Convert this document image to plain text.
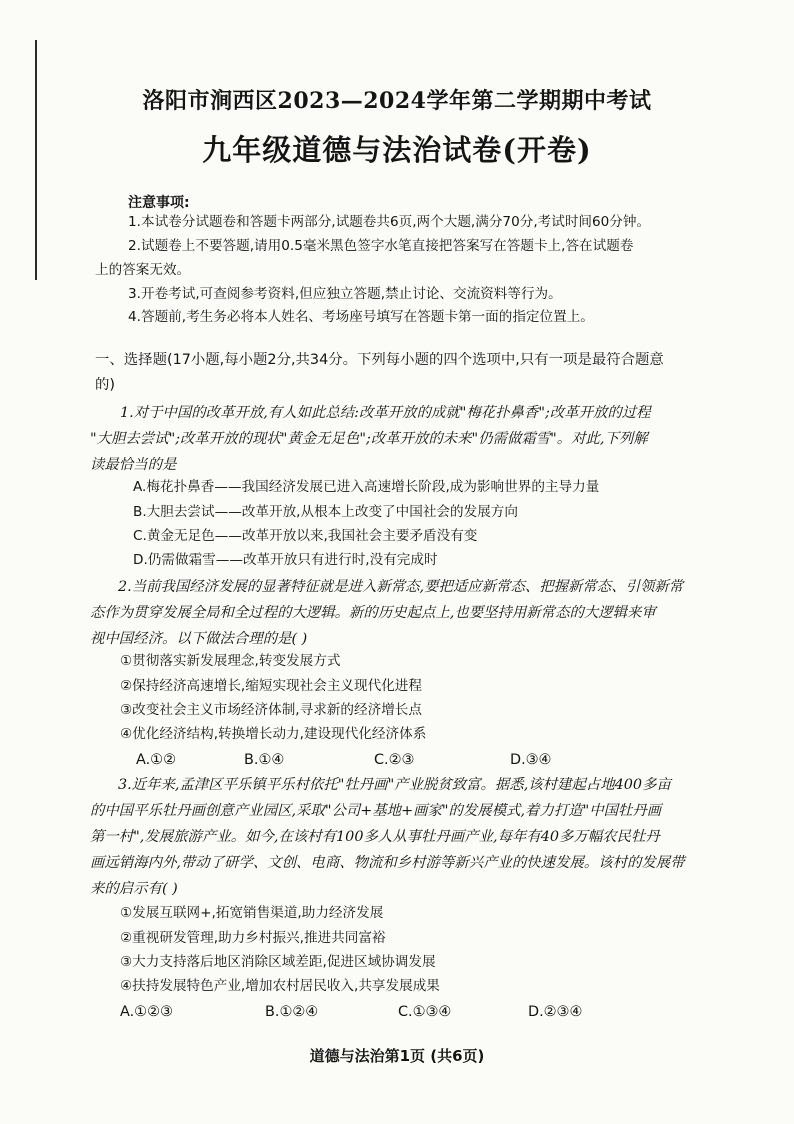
洛阳市涧西区2023—2024学年第二学期期中考试
九年级道德与法治试卷(开卷)
注意事项:
1.本试卷分试题卷和答题卡两部分,试题卷共6页,两个大题,满分70分,考试时间60分钟。
2.试题卷上不要答题,请用0.5毫米黑色签字水笔直接把答案写在答题卡上,答在试题卷
上的答案无效。
3.开卷考试,可查阅参考资料,但应独立答题,禁止讨论、交流资料等行为。
4.答题前,考生务必将本人姓名、考场座号填写在答题卡第一面的指定位置上。
一、选择题(17小题,每小题2分,共34分。下列每小题的四个选项中,只有一项是最符合题意
的)
1.对于中国的改革开放,有人如此总结:改革开放的成就"梅花扑鼻香";改革开放的过程
"大胆去尝试";改革开放的现状"黄金无足色";改革开放的未来"仍需做霜雪"。对此,下列解
读最恰当的是
A.梅花扑鼻香——我国经济发展已进入高速增长阶段,成为影响世界的主导力量
B.大胆去尝试——改革开放,从根本上改变了中国社会的发展方向
C.黄金无足色——改革开放以来,我国社会主要矛盾没有变
D.仍需做霜雪——改革开放只有进行时,没有完成时
2.当前我国经济发展的显著特征就是进入新常态,要把适应新常态、把握新常态、引领新常
态作为贯穿发展全局和全过程的大逻辑。新的历史起点上,也要坚持用新常态的大逻辑来审
视中国经济。以下做法合理的是( )
①贯彻落实新发展理念,转变发展方式
②保持经济高速增长,缩短实现社会主义现代化进程
③改变社会主义市场经济体制,寻求新的经济增长点
④优化经济结构,转换增长动力,建设现代化经济体系
A.①②	B.①④	C.②③	D.③④
3.近年来,孟津区平乐镇平乐村依托"牡丹画"产业脱贫致富。据悉,该村建起占地400多亩
的中国平乐牡丹画创意产业园区,采取"公司+基地+画家"的发展模式,着力打造"中国牡丹画
第一村",发展旅游产业。如今,在该村有100多人从事牡丹画产业,每年有40多万幅农民牡丹
画远销海内外,带动了研学、文创、电商、物流和乡村游等新兴产业的快速发展。该村的发展带
来的启示有( )
①发展互联网+,拓宽销售渠道,助力经济发展
②重视研发管理,助力乡村振兴,推进共同富裕
③大力支持落后地区消除区域差距,促进区域协调发展
④扶持发展特色产业,增加农村居民收入,共享发展成果
A.①②③	B.①②④	C.①③④	D.②③④
道德与法治第1页 (共6页)
